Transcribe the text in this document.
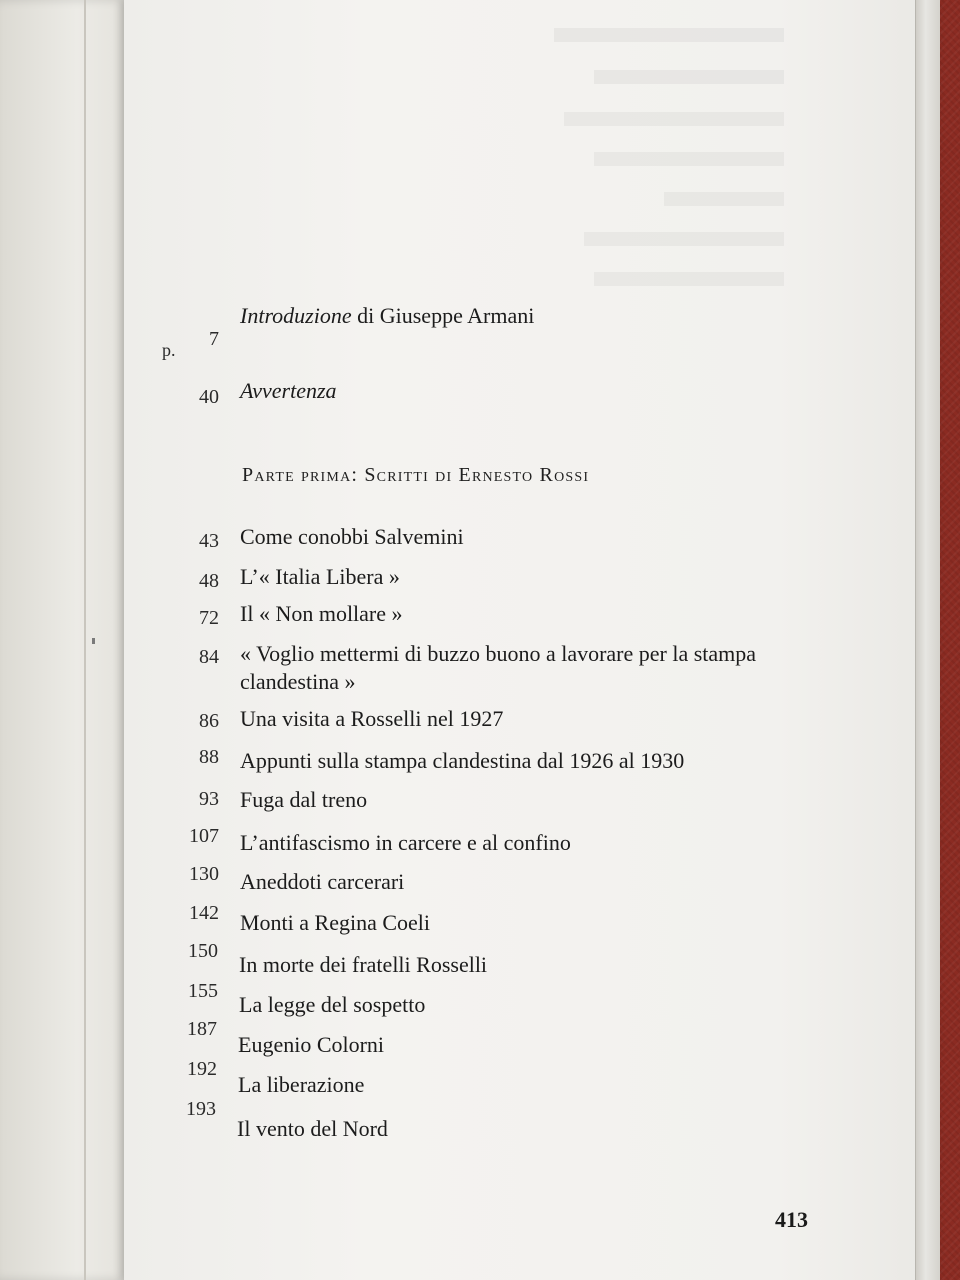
p.	7
Introduzione di Giuseppe Armani
40 Avvertenza
Parte prima: Scritti di Ernesto Rossi
43 Come conobbi Salvemini
48 L’« Italia Libera »
72 Il « Non mollare »
84 « Voglio mettermi di buzzo buono a lavorare per la stampa clandestina »
86 Una visita a Rosselli nel 1927
88 Appunti sulla stampa clandestina dal 1926 al 1930
93 Fuga dal treno
107 L’antifascismo in carcere e al confino
130 Aneddoti carcerari
142 Monti a Regina Coeli
150
In morte dei fratelli Rosselli
155
La legge del sospetto
187
Eugenio Colorni
192
La liberazione
193
Il vento del Nord
413
